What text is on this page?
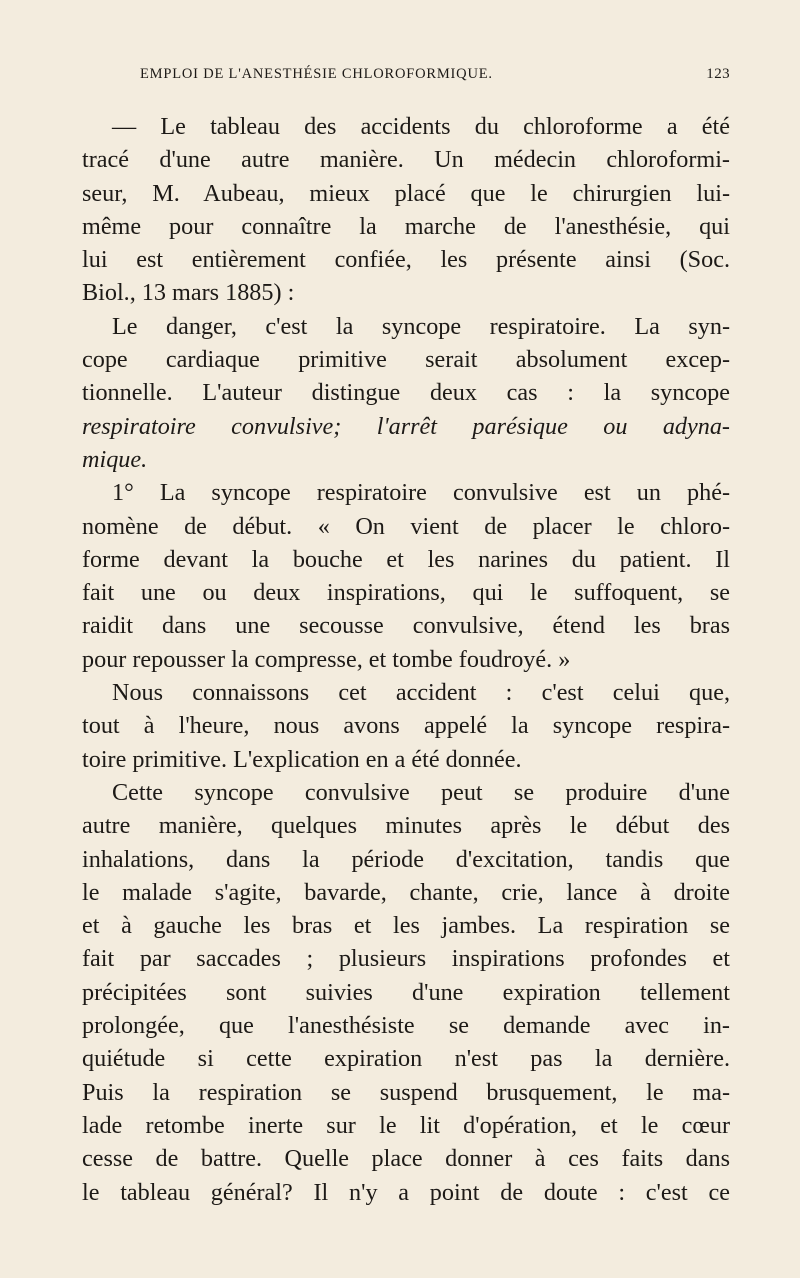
EMPLOI DE L'ANESTHÉSIE CHLOROFORMIQUE.	123
— Le tableau des accidents du chloroforme a été
tracé d'une autre manière. Un médecin chloroformi-
seur, M. Aubeau, mieux placé que le chirurgien lui-
même pour connaître la marche de l'anesthésie, qui
lui est entièrement confiée, les présente ainsi (Soc.
Biol., 13 mars 1885) :
Le danger, c'est la syncope respiratoire. La syn-
cope cardiaque primitive serait absolument excep-
tionnelle. L'auteur distingue deux cas : la syncope
respiratoire convulsive; l'arrêt parésique ou adyna-
mique.
1° La syncope respiratoire convulsive est un phé-
nomène de début. « On vient de placer le chloro-
forme devant la bouche et les narines du patient. Il
fait une ou deux inspirations, qui le suffoquent, se
raidit dans une secousse convulsive, étend les bras
pour repousser la compresse, et tombe foudroyé. »
Nous connaissons cet accident : c'est celui que,
tout à l'heure, nous avons appelé la syncope respira-
toire primitive. L'explication en a été donnée.
Cette syncope convulsive peut se produire d'une
autre manière, quelques minutes après le début des
inhalations, dans la période d'excitation, tandis que
le malade s'agite, bavarde, chante, crie, lance à droite
et à gauche les bras et les jambes. La respiration se
fait par saccades ; plusieurs inspirations profondes et
précipitées sont suivies d'une expiration tellement
prolongée, que l'anesthésiste se demande avec in-
quiétude si cette expiration n'est pas la dernière.
Puis la respiration se suspend brusquement, le ma-
lade retombe inerte sur le lit d'opération, et le cœur
cesse de battre. Quelle place donner à ces faits dans
le tableau général? Il n'y a point de doute : c'est ce
